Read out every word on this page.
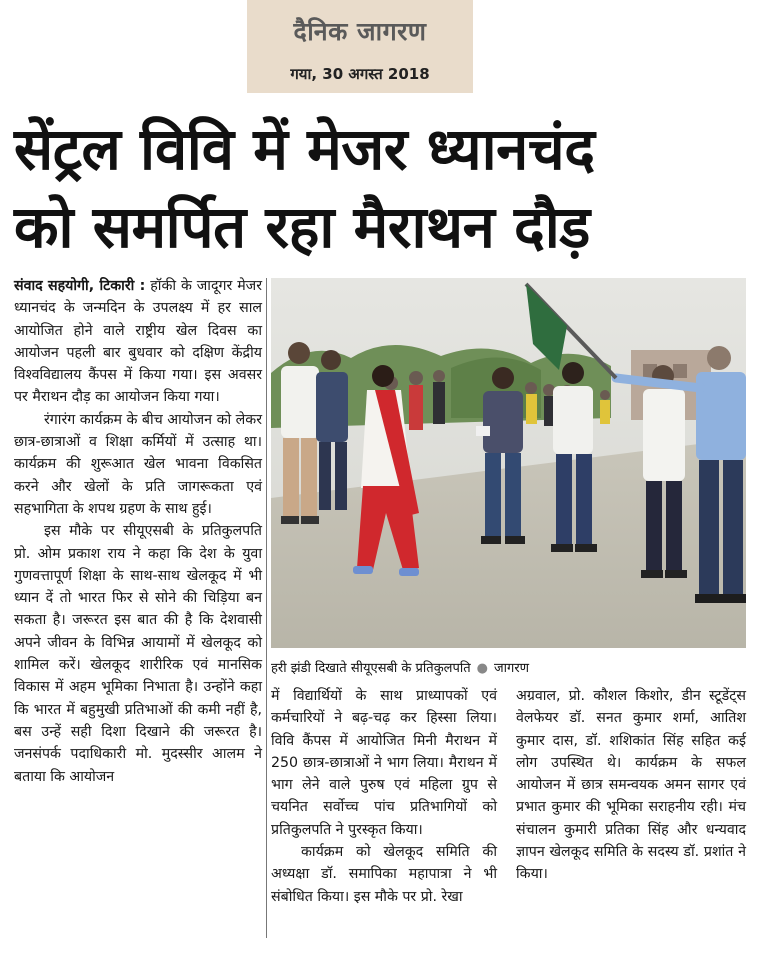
दैनिक जागरण
गया, 30 अगस्त 2018
सेंट्रल विवि में मेजर ध्यानचंद
को समर्पित रहा मैराथन दौड़

संवाद सहयोगी, टिकारी : हॉकी के जादूगर मेजर ध्यानचंद के जन्मदिन के उपलक्ष्य में हर साल आयोजित होने वाले राष्ट्रीय खेल दिवस का आयोजन पहली बार बुधवार को दक्षिण केंद्रीय विश्वविद्यालय कैंपस में किया गया। इस अवसर पर मैराथन दौड़ का आयोजन किया गया।

रंगारंग कार्यक्रम के बीच आयोजन को लेकर छात्र-छात्राओं व शिक्षा कर्मियों में उत्साह था। कार्यक्रम की शुरूआत खेल भावना विकसित करने और खेलों के प्रति जागरूकता एवं सहभागिता के शपथ ग्रहण के साथ हुई।

इस मौके पर सीयूएसबी के प्रतिकुलपति प्रो. ओम प्रकाश राय ने कहा कि देश के युवा गुणवत्तापूर्ण शिक्षा के साथ-साथ खेलकूद में भी ध्यान दें तो भारत फिर से सोने की चिड़िया बन सकता है। जरूरत इस बात की है कि देशवासी अपने जीवन के विभिन्न आयामों में खेलकूद को शामिल करें। खेलकूद शारीरिक एवं मानसिक विकास में अहम भूमिका निभाता है। उन्होंने कहा कि भारत में बहुमुखी प्रतिभाओं की कमी नहीं है, बस उन्हें सही दिशा दिखाने की जरूरत है। जनसंपर्क पदाधिकारी मो. मुदस्सीर आलम ने बताया कि आयोजन

हरी झंडी दिखाते सीयूएसबी के प्रतिकुलपति ● जागरण

में विद्यार्थियों के साथ प्राध्यापकों एवं कर्मचारियों ने बढ़-चढ़ कर हिस्सा लिया। विवि कैंपस में आयोजित मिनी मैराथन में 250 छात्र-छात्राओं ने भाग लिया। मैराथन में भाग लेने वाले पुरुष एवं महिला ग्रुप से चयनित सर्वोच्च पांच प्रतिभागियों को प्रतिकुलपति ने पुरस्कृत किया।

कार्यक्रम को खेलकूद समिति की अध्यक्षा डॉ. समापिका महापात्रा ने भी संबोधित किया। इस मौके पर प्रो. रेखा

अग्रवाल, प्रो. कौशल किशोर, डीन स्टूडेंट्स वेलफेयर डॉ. सनत कुमार शर्मा, आतिश कुमार दास, डॉ. शशिकांत सिंह सहित कई लोग उपस्थित थे। कार्यक्रम के सफल आयोजन में छात्र समन्वयक अमन सागर एवं प्रभात कुमार की भूमिका सराहनीय रही। मंच संचालन कुमारी प्रतिका सिंह और धन्यवाद ज्ञापन खेलकूद समिति के सदस्य डॉ. प्रशांत ने किया।
